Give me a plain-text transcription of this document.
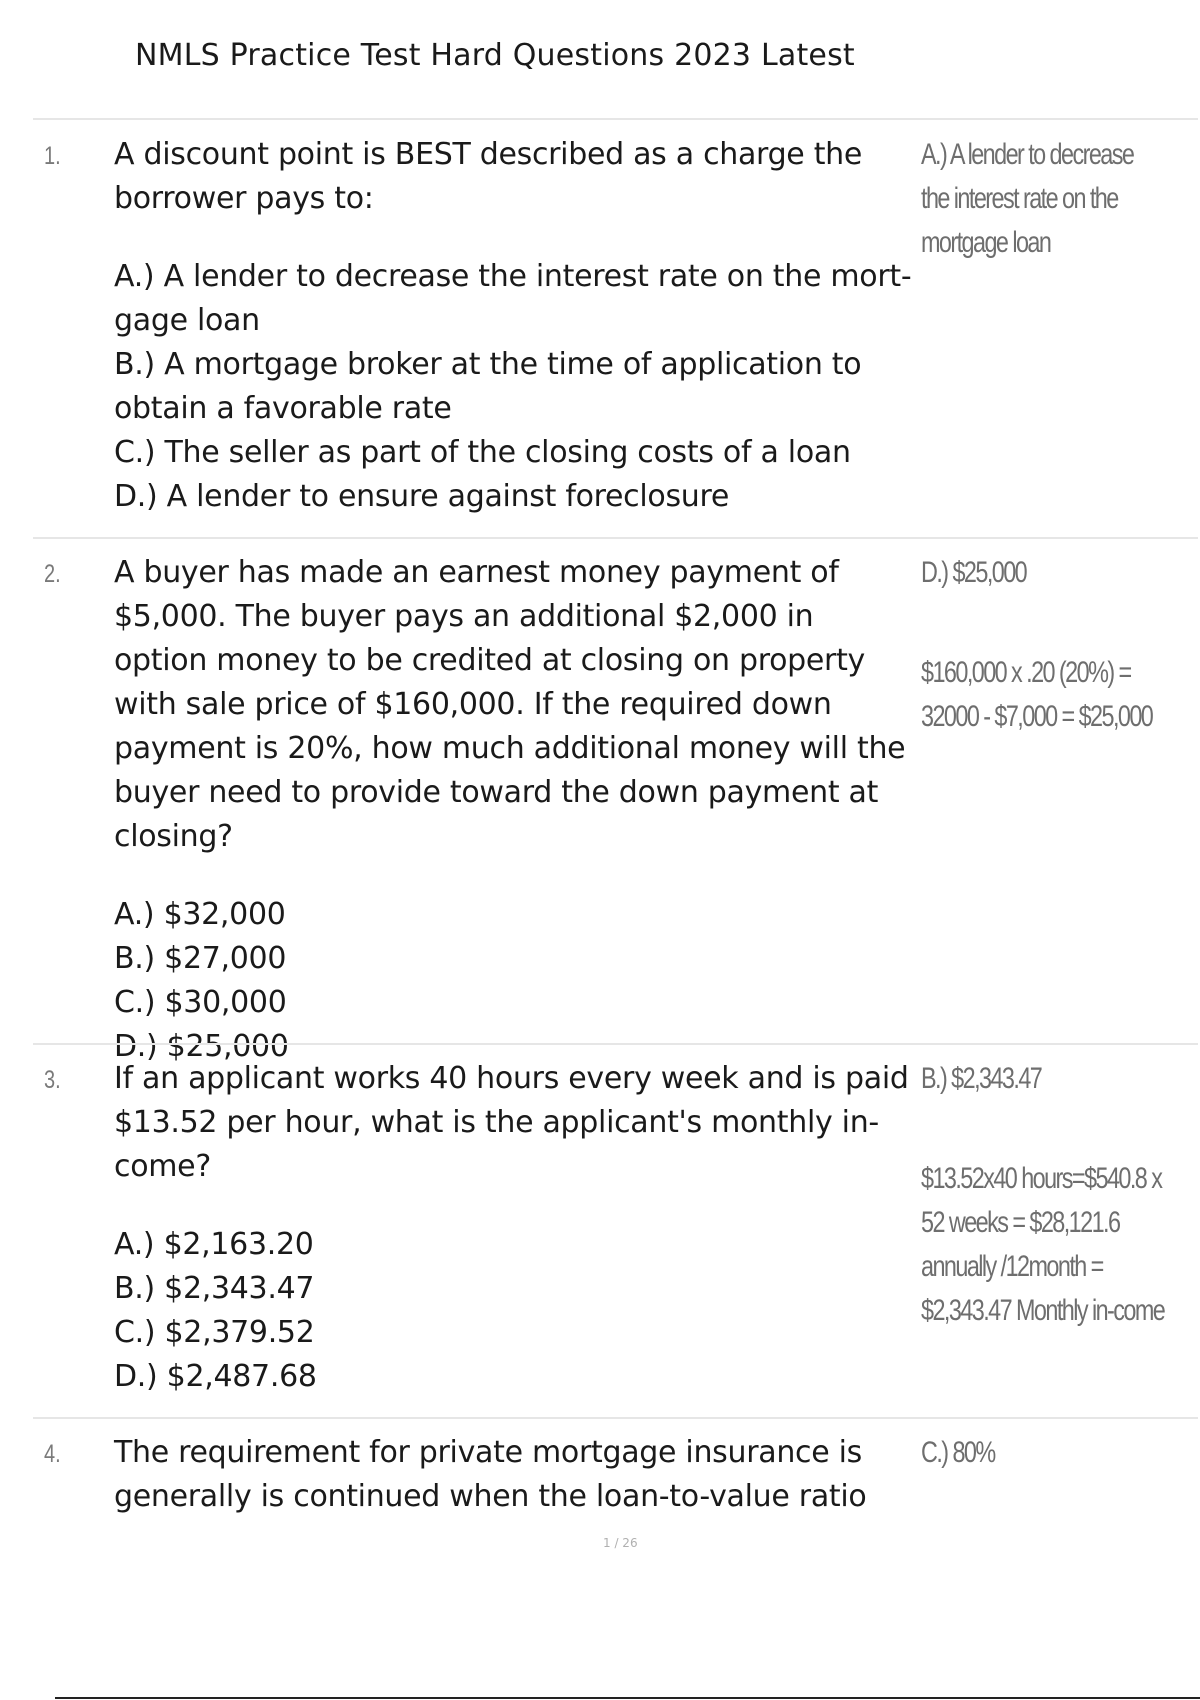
NMLS Practice Test Hard Questions 2023 Latest
1. A discount point is BEST described as a charge the borrower pays to:

A.) A lender to decrease the interest rate on the mort-gage loan
B.) A mortgage broker at the time of application to obtain a favorable rate
C.) The seller as part of the closing costs of a loan
D.) A lender to ensure against foreclosure

A.) A lender to decrease the interest rate on the mortgage loan

2. A buyer has made an earnest money payment of $5,000. The buyer pays an additional $2,000 in option money to be credited at closing on property with sale price of $160,000. If the required down payment is 20%, how much additional money will the buyer need to provide toward the down payment at closing?

A.) $32,000
B.) $27,000
C.) $30,000
D.) $25,000

D.) $25,000

$160,000 x .20 (20%) = 32000 - $7,000 = $25,000

3. If an applicant works 40 hours every week and is paid $13.52 per hour, what is the applicant's monthly in-come?

A.) $2,163.20
B.) $2,343.47
C.) $2,379.52
D.) $2,487.68

B.) $2,343.47

$13.52x40 hours=$540.8 x 52 weeks = $28,121.6 annually /12month = $2,343.47 Monthly in-come

4. The requirement for private mortgage insurance is generally is continued when the loan-to-value ratio

C.) 80%

1 / 26
